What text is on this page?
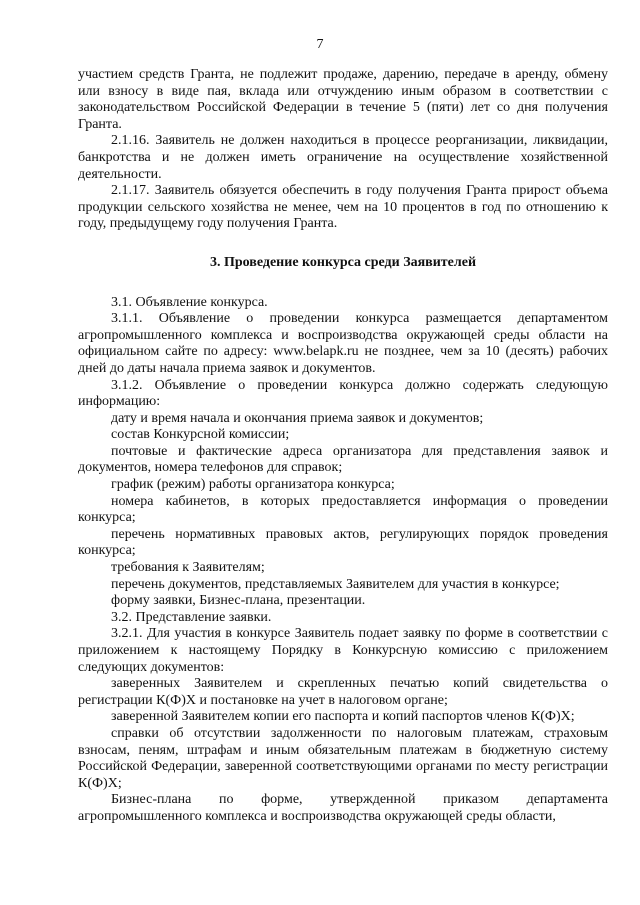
7

участием средств Гранта, не подлежит продаже, дарению, передаче в аренду, обмену или взносу в виде пая, вклада или отчуждению иным образом в соответствии с законодательством Российской Федерации в течение 5 (пяти) лет со дня получения Гранта.

2.1.16. Заявитель не должен находиться в процессе реорганизации, ликвидации, банкротства и не должен иметь ограничение на осуществление хозяйственной деятельности.

2.1.17. Заявитель обязуется обеспечить в году получения Гранта прирост объема продукции сельского хозяйства не менее, чем на 10 процентов в год по отношению к году, предыдущему году получения Гранта.

3. Проведение конкурса среди Заявителей

3.1. Объявление конкурса.

3.1.1. Объявление о проведении конкурса размещается департаментом агропромышленного комплекса и воспроизводства окружающей среды области на официальном сайте по адресу: www.belapk.ru не позднее, чем за 10 (десять) рабочих дней до даты начала приема заявок и документов.

3.1.2. Объявление о проведении конкурса должно содержать следующую информацию:

дату и время начала и окончания приема заявок и документов;

состав Конкурсной комиссии;

почтовые и фактические адреса организатора для представления заявок и документов, номера телефонов для справок;

график (режим) работы организатора конкурса;

номера кабинетов, в которых предоставляется информация о проведении конкурса;

перечень нормативных правовых актов, регулирующих порядок проведения конкурса;

требования к Заявителям;

перечень документов, представляемых Заявителем для участия в конкурсе;

форму заявки, Бизнес-плана, презентации.

3.2. Представление заявки.

3.2.1. Для участия в конкурсе Заявитель подает заявку по форме в соответствии с приложением к настоящему Порядку в Конкурсную комиссию с приложением следующих документов:

заверенных Заявителем и скрепленных печатью копий свидетельства о регистрации К(Ф)Х и постановке на учет в налоговом органе;

заверенной Заявителем копии его паспорта и копий паспортов членов К(Ф)Х;

справки об отсутствии задолженности по налоговым платежам, страховым взносам, пеням, штрафам и иным обязательным платежам в бюджетную систему Российской Федерации, заверенной соответствующими органами по месту регистрации К(Ф)Х;

Бизнес-плана по форме, утвержденной приказом департамента агропромышленного комплекса и воспроизводства окружающей среды области,
